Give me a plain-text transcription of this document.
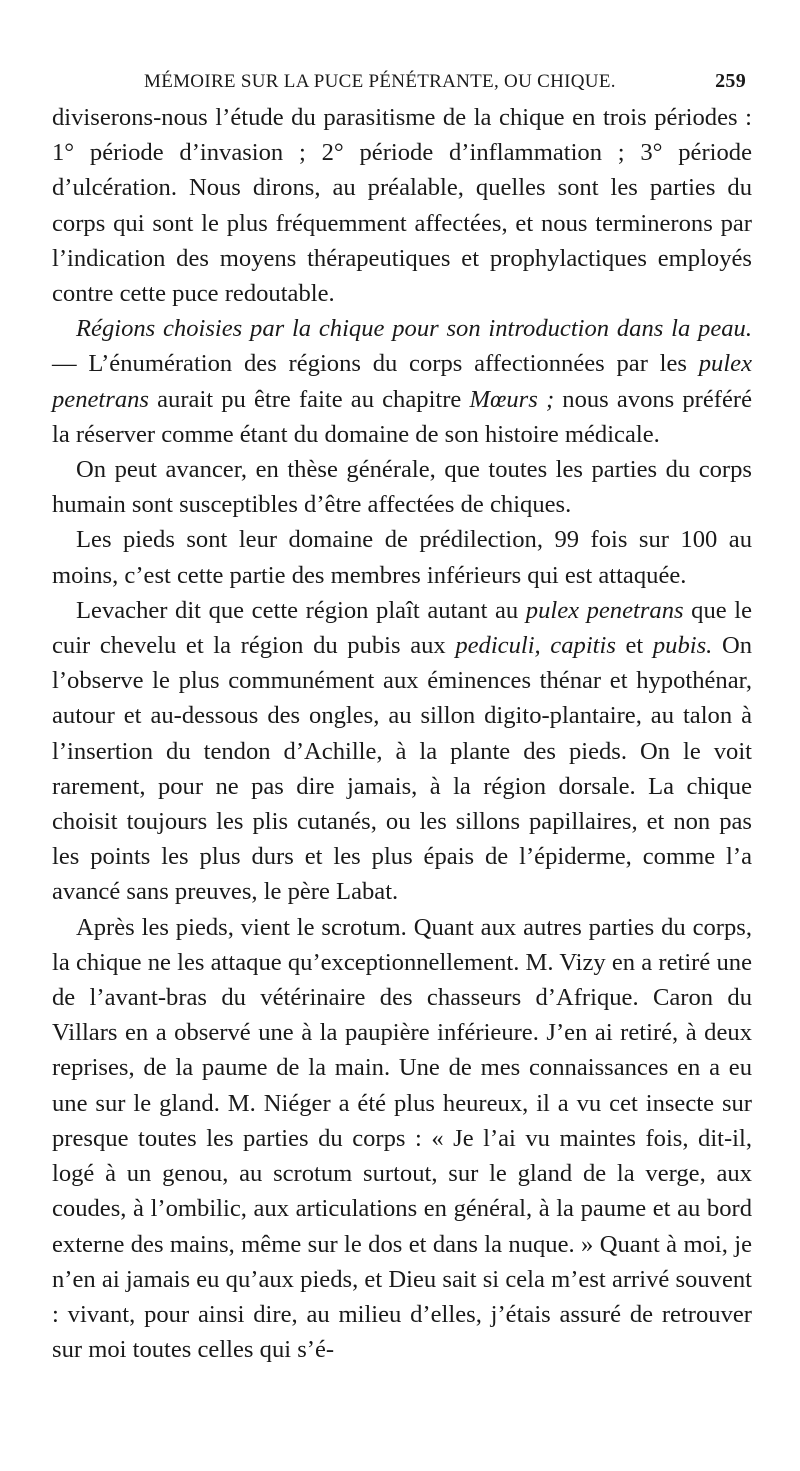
MÉMOIRE SUR LA PUCE PÉNÉTRANTE, OU CHIQUE.	259

diviserons-nous l’étude du parasitisme de la chique en trois périodes : 1° période d’invasion ; 2° période d’inflammation ; 3° période d’ulcération. Nous dirons, au préalable, quelles sont les parties du corps qui sont le plus fréquemment affectées, et nous terminerons par l’indication des moyens thérapeutiques et prophylactiques employés contre cette puce redoutable.

Régions choisies par la chique pour son introduction dans la peau. — L’énumération des régions du corps affectionnées par les pulex penetrans aurait pu être faite au chapitre Mœurs ; nous avons préféré la réserver comme étant du domaine de son histoire médicale.

On peut avancer, en thèse générale, que toutes les parties du corps humain sont susceptibles d’être affectées de chiques.

Les pieds sont leur domaine de prédilection, 99 fois sur 100 au moins, c’est cette partie des membres inférieurs qui est attaquée.

Levacher dit que cette région plaît autant au pulex penetrans que le cuir chevelu et la région du pubis aux pediculi, capitis et pubis. On l’observe le plus communément aux éminences thénar et hypothénar, autour et au-dessous des ongles, au sillon digito-plantaire, au talon à l’insertion du tendon d’Achille, à la plante des pieds. On le voit rarement, pour ne pas dire jamais, à la région dorsale. La chique choisit toujours les plis cutanés, ou les sillons papillaires, et non pas les points les plus durs et les plus épais de l’épiderme, comme l’a avancé sans preuves, le père Labat.

Après les pieds, vient le scrotum. Quant aux autres parties du corps, la chique ne les attaque qu’exceptionnellement. M. Vizy en a retiré une de l’avant-bras du vétérinaire des chasseurs d’Afrique. Caron du Villars en a observé une à la paupière inférieure. J’en ai retiré, à deux reprises, de la paume de la main. Une de mes connaissances en a eu une sur le gland. M. Niéger a été plus heureux, il a vu cet insecte sur presque toutes les parties du corps : « Je l’ai vu maintes fois, dit-il, logé à un genou, au scrotum surtout, sur le gland de la verge, aux coudes, à l’ombilic, aux articulations en général, à la paume et au bord externe des mains, même sur le dos et dans la nuque. » Quant à moi, je n’en ai jamais eu qu’aux pieds, et Dieu sait si cela m’est arrivé souvent : vivant, pour ainsi dire, au milieu d’elles, j’étais assuré de retrouver sur moi toutes celles qui s’é-
